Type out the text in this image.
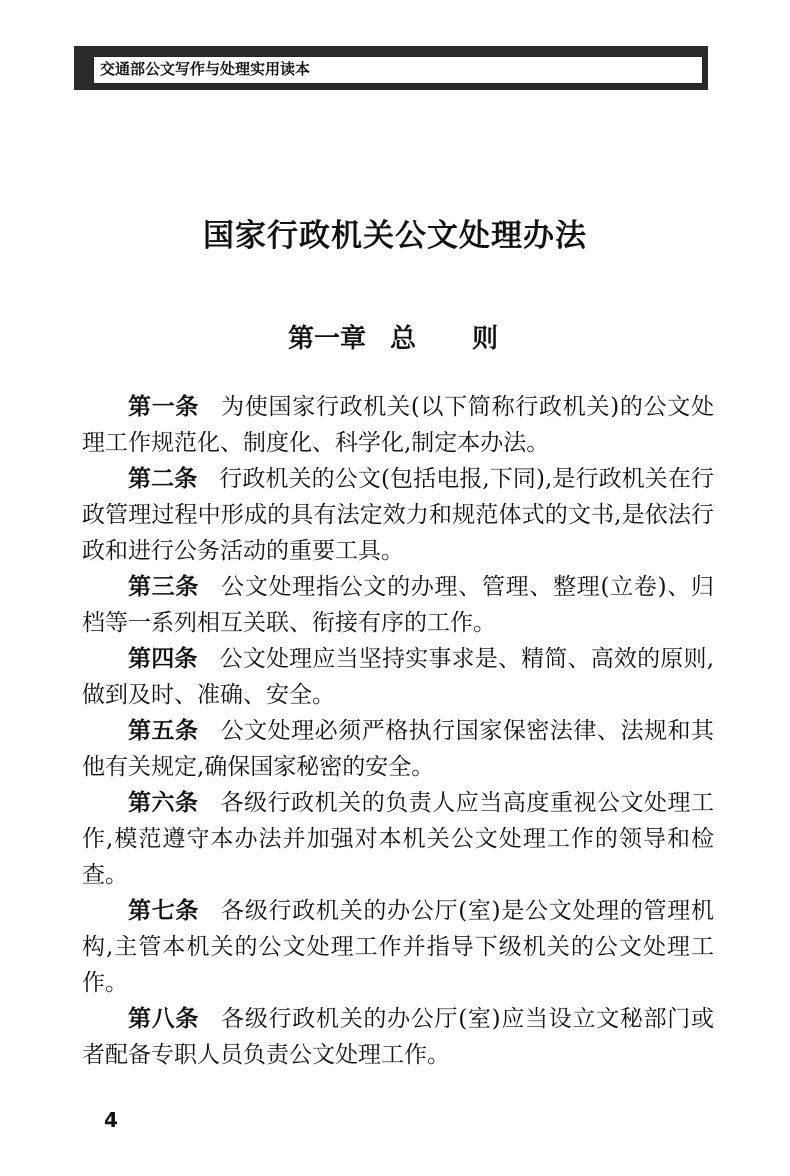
交通部公文写作与处理实用读本
国家行政机关公文处理办法
第一章 总 则

第一条 为使国家行政机关(以下简称行政机关)的公文处理工作规范化、制度化、科学化,制定本办法。

第二条 行政机关的公文(包括电报,下同),是行政机关在行政管理过程中形成的具有法定效力和规范体式的文书,是依法行政和进行公务活动的重要工具。

第三条 公文处理指公文的办理、管理、整理(立卷)、归档等一系列相互关联、衔接有序的工作。

第四条 公文处理应当坚持实事求是、精简、高效的原则,做到及时、准确、安全。

第五条 公文处理必须严格执行国家保密法律、法规和其他有关规定,确保国家秘密的安全。

第六条 各级行政机关的负责人应当高度重视公文处理工作,模范遵守本办法并加强对本机关公文处理工作的领导和检查。

第七条 各级行政机关的办公厅(室)是公文处理的管理机构,主管本机关的公文处理工作并指导下级机关的公文处理工作。

第八条 各级行政机关的办公厅(室)应当设立文秘部门或者配备专职人员负责公文处理工作。

4
